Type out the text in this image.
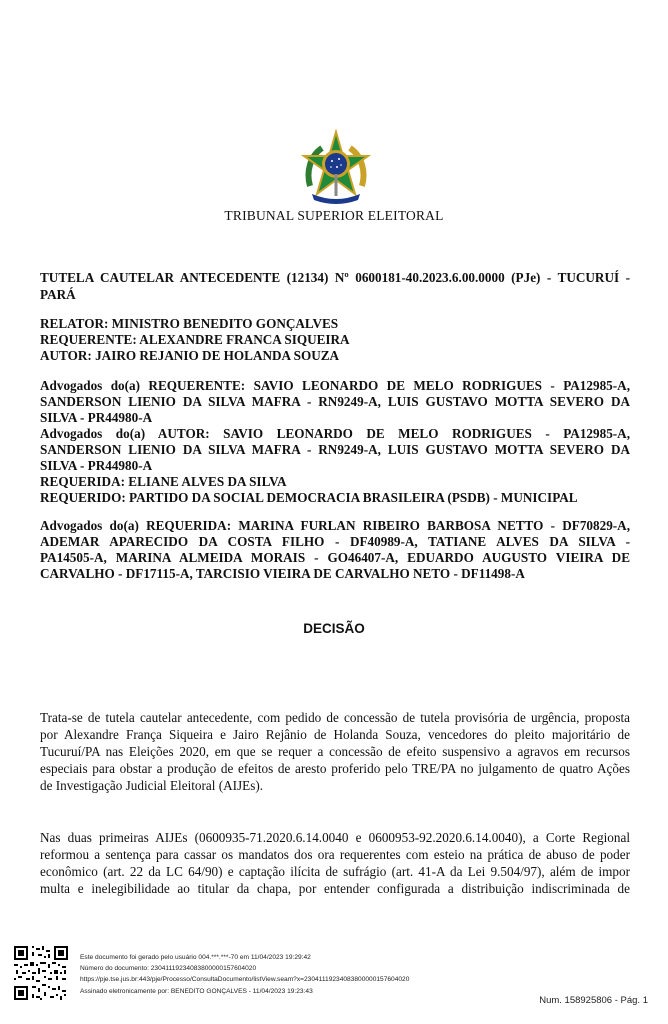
TRIBUNAL SUPERIOR ELEITORAL
TUTELA CAUTELAR ANTECEDENTE (12134) Nº 0600181-40.2023.6.00.0000 (PJe) - TUCURUÍ -
PARÁ
RELATOR: MINISTRO BENEDITO GONÇALVES
REQUERENTE: ALEXANDRE FRANCA SIQUEIRA
AUTOR: JAIRO REJANIO DE HOLANDA SOUZA
Advogados do(a) REQUERENTE: SAVIO LEONARDO DE MELO RODRIGUES - PA12985-A,
SANDERSON LIENIO DA SILVA MAFRA - RN9249-A, LUIS GUSTAVO MOTTA SEVERO DA
SILVA - PR44980-A
Advogados do(a) AUTOR: SAVIO LEONARDO DE MELO RODRIGUES - PA12985-A,
SANDERSON LIENIO DA SILVA MAFRA - RN9249-A, LUIS GUSTAVO MOTTA SEVERO DA
SILVA - PR44980-A
REQUERIDA: ELIANE ALVES DA SILVA
REQUERIDO: PARTIDO DA SOCIAL DEMOCRACIA BRASILEIRA (PSDB) - MUNICIPAL
Advogados do(a) REQUERIDA: MARINA FURLAN RIBEIRO BARBOSA NETTO - DF70829-A,
ADEMAR APARECIDO DA COSTA FILHO - DF40989-A, TATIANE ALVES DA SILVA -
PA14505-A, MARINA ALMEIDA MORAIS - GO46407-A, EDUARDO AUGUSTO VIEIRA DE
CARVALHO - DF17115-A, TARCISIO VIEIRA DE CARVALHO NETO - DF11498-A
DECISÃO
Trata-se de tutela cautelar antecedente, com pedido de concessão de tutela provisória de urgência, proposta
por Alexandre França Siqueira e Jairo Rejânio de Holanda Souza, vencedores do pleito majoritário de
Tucuruí/PA nas Eleições 2020, em que se requer a concessão de efeito suspensivo a agravos em recursos
especiais para obstar a produção de efeitos de aresto proferido pelo TRE/PA no julgamento de quatro Ações
de Investigação Judicial Eleitoral (AIJEs).
Nas duas primeiras AIJEs (0600935-71.2020.6.14.0040 e 0600953-92.2020.6.14.0040), a Corte Regional
reformou a sentença para cassar os mandatos dos ora requerentes com esteio na prática de abuso de poder
econômico (art. 22 da LC 64/90) e captação ilícita de sufrágio (art. 41-A da Lei 9.504/97), além de impor
multa e inelegibilidade ao titular da chapa, por entender configurada a distribuição indiscriminada de
Este documento foi gerado pelo usuário 004.***.***-70 em 11/04/2023 19:29:42
Número do documento: 23041119234083800000157604020
https://pje.tse.jus.br:443/pje/Processo/ConsultaDocumento/listView.seam?x=23041119234083800000157604020
Assinado eletronicamente por: BENEDITO GONÇALVES - 11/04/2023 19:23:43
Num. 158925806 - Pág. 1
